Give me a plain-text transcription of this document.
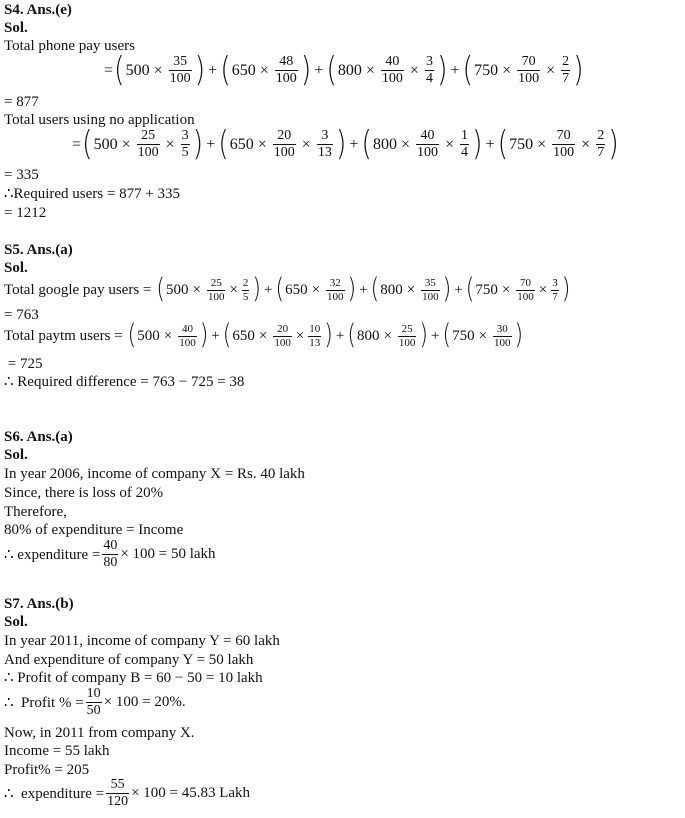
S4. Ans.(e)
Sol.
Total phone pay users
= ( $500 \times \frac{35}{100}$ ) + ( $650 \times \frac{48}{100}$ ) + ( $800 \times \frac{40}{100} \times \frac{3}{4}$ ) + ( $750 \times \frac{70}{100} \times \frac{2}{7}$ )
= 877
Total users using no application
= ( $500 \times \frac{25}{100} \times \frac{3}{5}$ ) + ( $650 \times \frac{20}{100} \times \frac{3}{13}$ ) + ( $800 \times \frac{40}{100} \times \frac{1}{4}$ ) + ( $750 \times \frac{70}{100} \times \frac{2}{7}$ )
= 335
∴Required users = 877 + 335
= 1212
S5. Ans.(a)
Sol.
Total google pay users = ( $500 \times \frac{25}{100} \times \frac{2}{5}$ ) + ( $650 \times \frac{32}{100}$ ) + ( $800 \times \frac{35}{100}$ ) + ( $750 \times \frac{70}{100} \times \frac{3}{7}$ )
= 763
Total paytm users = ( $500 \times \frac{40}{100}$ ) + ( $650 \times \frac{20}{100} \times \frac{10}{13}$ ) + ( $800 \times \frac{25}{100}$ ) + ( $750 \times \frac{30}{100}$ )
= 725
∴ Required difference = 763 − 725 = 38
S6. Ans.(a)
Sol.
In year 2006, income of company X = Rs. 40 lakh
Since, there is loss of 20%
Therefore,
80% of expenditure = Income
∴ expenditure = $\frac{40}{80} \times 100 = 50$ lakh
S7. Ans.(b)
Sol.
In year 2011, income of company Y = 60 lakh
And expenditure of company Y = 50 lakh
∴ Profit of company B = 60 − 50 = 10 lakh
∴  Profit % = $\frac{10}{50} \times 100 = 20\%$.
Now, in 2011 from company X.
Income = 55 lakh
Profit% = 205
∴  expenditure = $\frac{55}{120} \times 100 = 45.83$ Lakh
